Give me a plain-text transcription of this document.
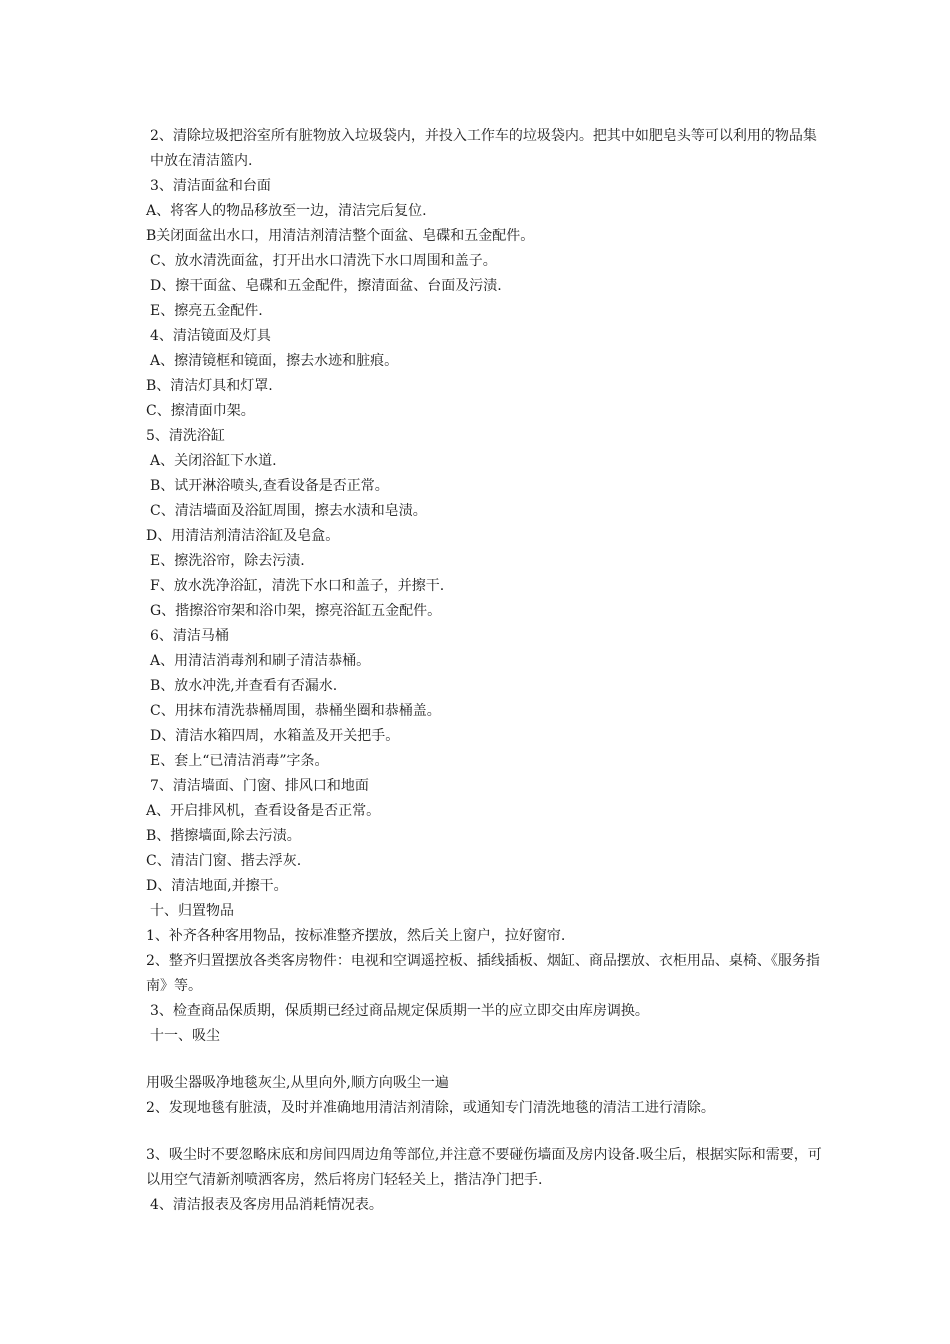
2、清除垃圾把浴室所有脏物放入垃圾袋内，并投入工作车的垃圾袋内。把其中如肥皂头等可以利用的物品集中放在清洁篮内.
3、清洁面盆和台面
A、将客人的物品移放至一边，清洁完后复位.
B关闭面盆出水口，用清洁剂清洁整个面盆、皂碟和五金配件。
C、放水清洗面盆，打开出水口清洗下水口周围和盖子。
D、擦干面盆、皂碟和五金配件，擦清面盆、台面及污渍.
E、擦亮五金配件.
4、清洁镜面及灯具
A、擦清镜框和镜面，擦去水迹和脏痕。
B、清洁灯具和灯罩.
C、擦清面巾架。
5、清洗浴缸
A、关闭浴缸下水道.
B、试开淋浴喷头,查看设备是否正常。
C、清洁墙面及浴缸周围，擦去水渍和皂渍。
D、用清洁剂清洁浴缸及皂盒。
E、擦洗浴帘，除去污渍.
F、放水洗净浴缸，清洗下水口和盖子，并擦干.
G、揩擦浴帘架和浴巾架，擦亮浴缸五金配件。
6、清洁马桶
A、用清洁消毒剂和刷子清洁恭桶。
B、放水冲洗,并查看有否漏水.
C、用抹布清洗恭桶周围，恭桶坐圈和恭桶盖。
D、清洁水箱四周，水箱盖及开关把手。
E、套上“已清洁消毒”字条。
7、清洁墙面、门窗、排风口和地面
A、开启排风机，查看设备是否正常。
B、揩擦墙面,除去污渍。
C、清洁门窗、揩去浮灰.
D、清洁地面,并擦干。
十、归置物品
1、补齐各种客用物品，按标准整齐摆放，然后关上窗户，拉好窗帘.
2、整齐归置摆放各类客房物件：电视和空调遥控板、插线插板、烟缸、商品摆放、衣柜用品、桌椅、《服务指南》等。
3、检查商品保质期，保质期已经过商品规定保质期一半的应立即交由库房调换。
十一、吸尘
用吸尘器吸净地毯灰尘,从里向外,顺方向吸尘一遍
2、发现地毯有脏渍，及时并准确地用清洁剂清除，或通知专门清洗地毯的清洁工进行清除。
3、吸尘时不要忽略床底和房间四周边角等部位,并注意不要碰伤墙面及房内设备.吸尘后，根据实际和需要，可以用空气清新剂喷洒客房，然后将房门轻轻关上，揩洁净门把手.
4、清洁报表及客房用品消耗情况表。
